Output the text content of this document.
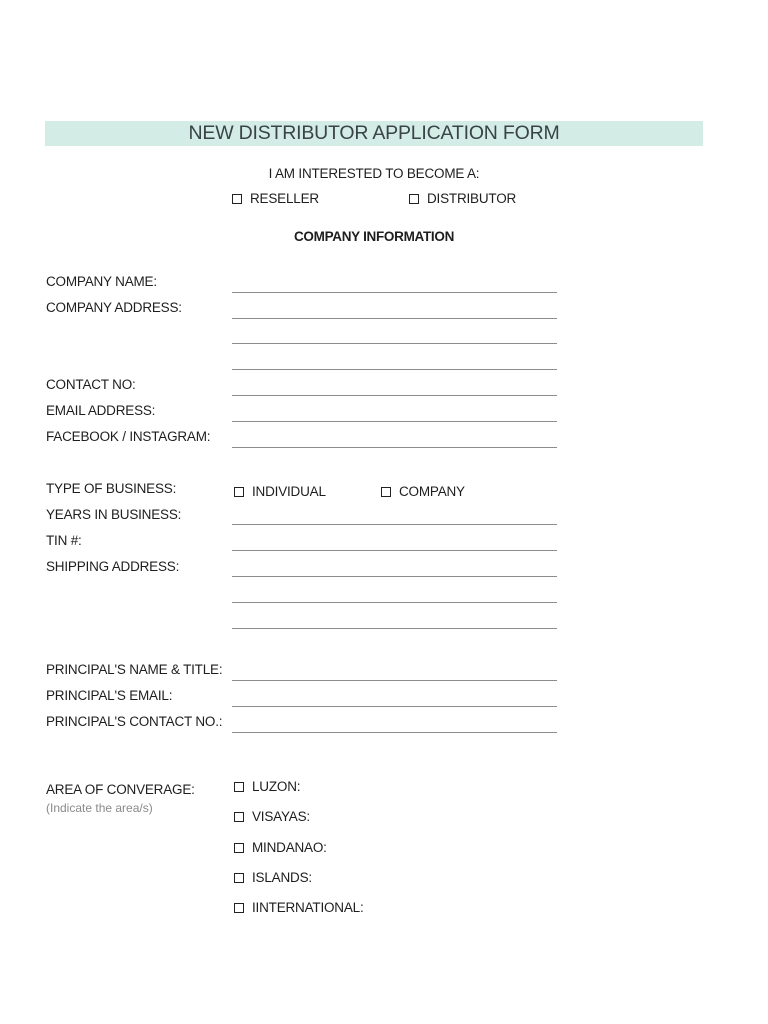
NEW DISTRIBUTOR APPLICATION FORM
I AM INTERESTED TO BECOME A:
RESELLER	DISTRIBUTOR
COMPANY INFORMATION
COMPANY NAME:
COMPANY ADDRESS:
CONTACT NO:
EMAIL ADDRESS:
FACEBOOK / INSTAGRAM:
TYPE OF BUSINESS:	INDIVIDUAL	COMPANY
YEARS IN BUSINESS:
TIN #:
SHIPPING ADDRESS:
PRINCIPAL'S NAME & TITLE:
PRINCIPAL'S EMAIL:
PRINCIPAL'S CONTACT NO.:
AREA OF CONVERAGE:
(Indicate the area/s)
LUZON:
VISAYAS:
MINDANAO:
ISLANDS:
IINTERNATIONAL:
